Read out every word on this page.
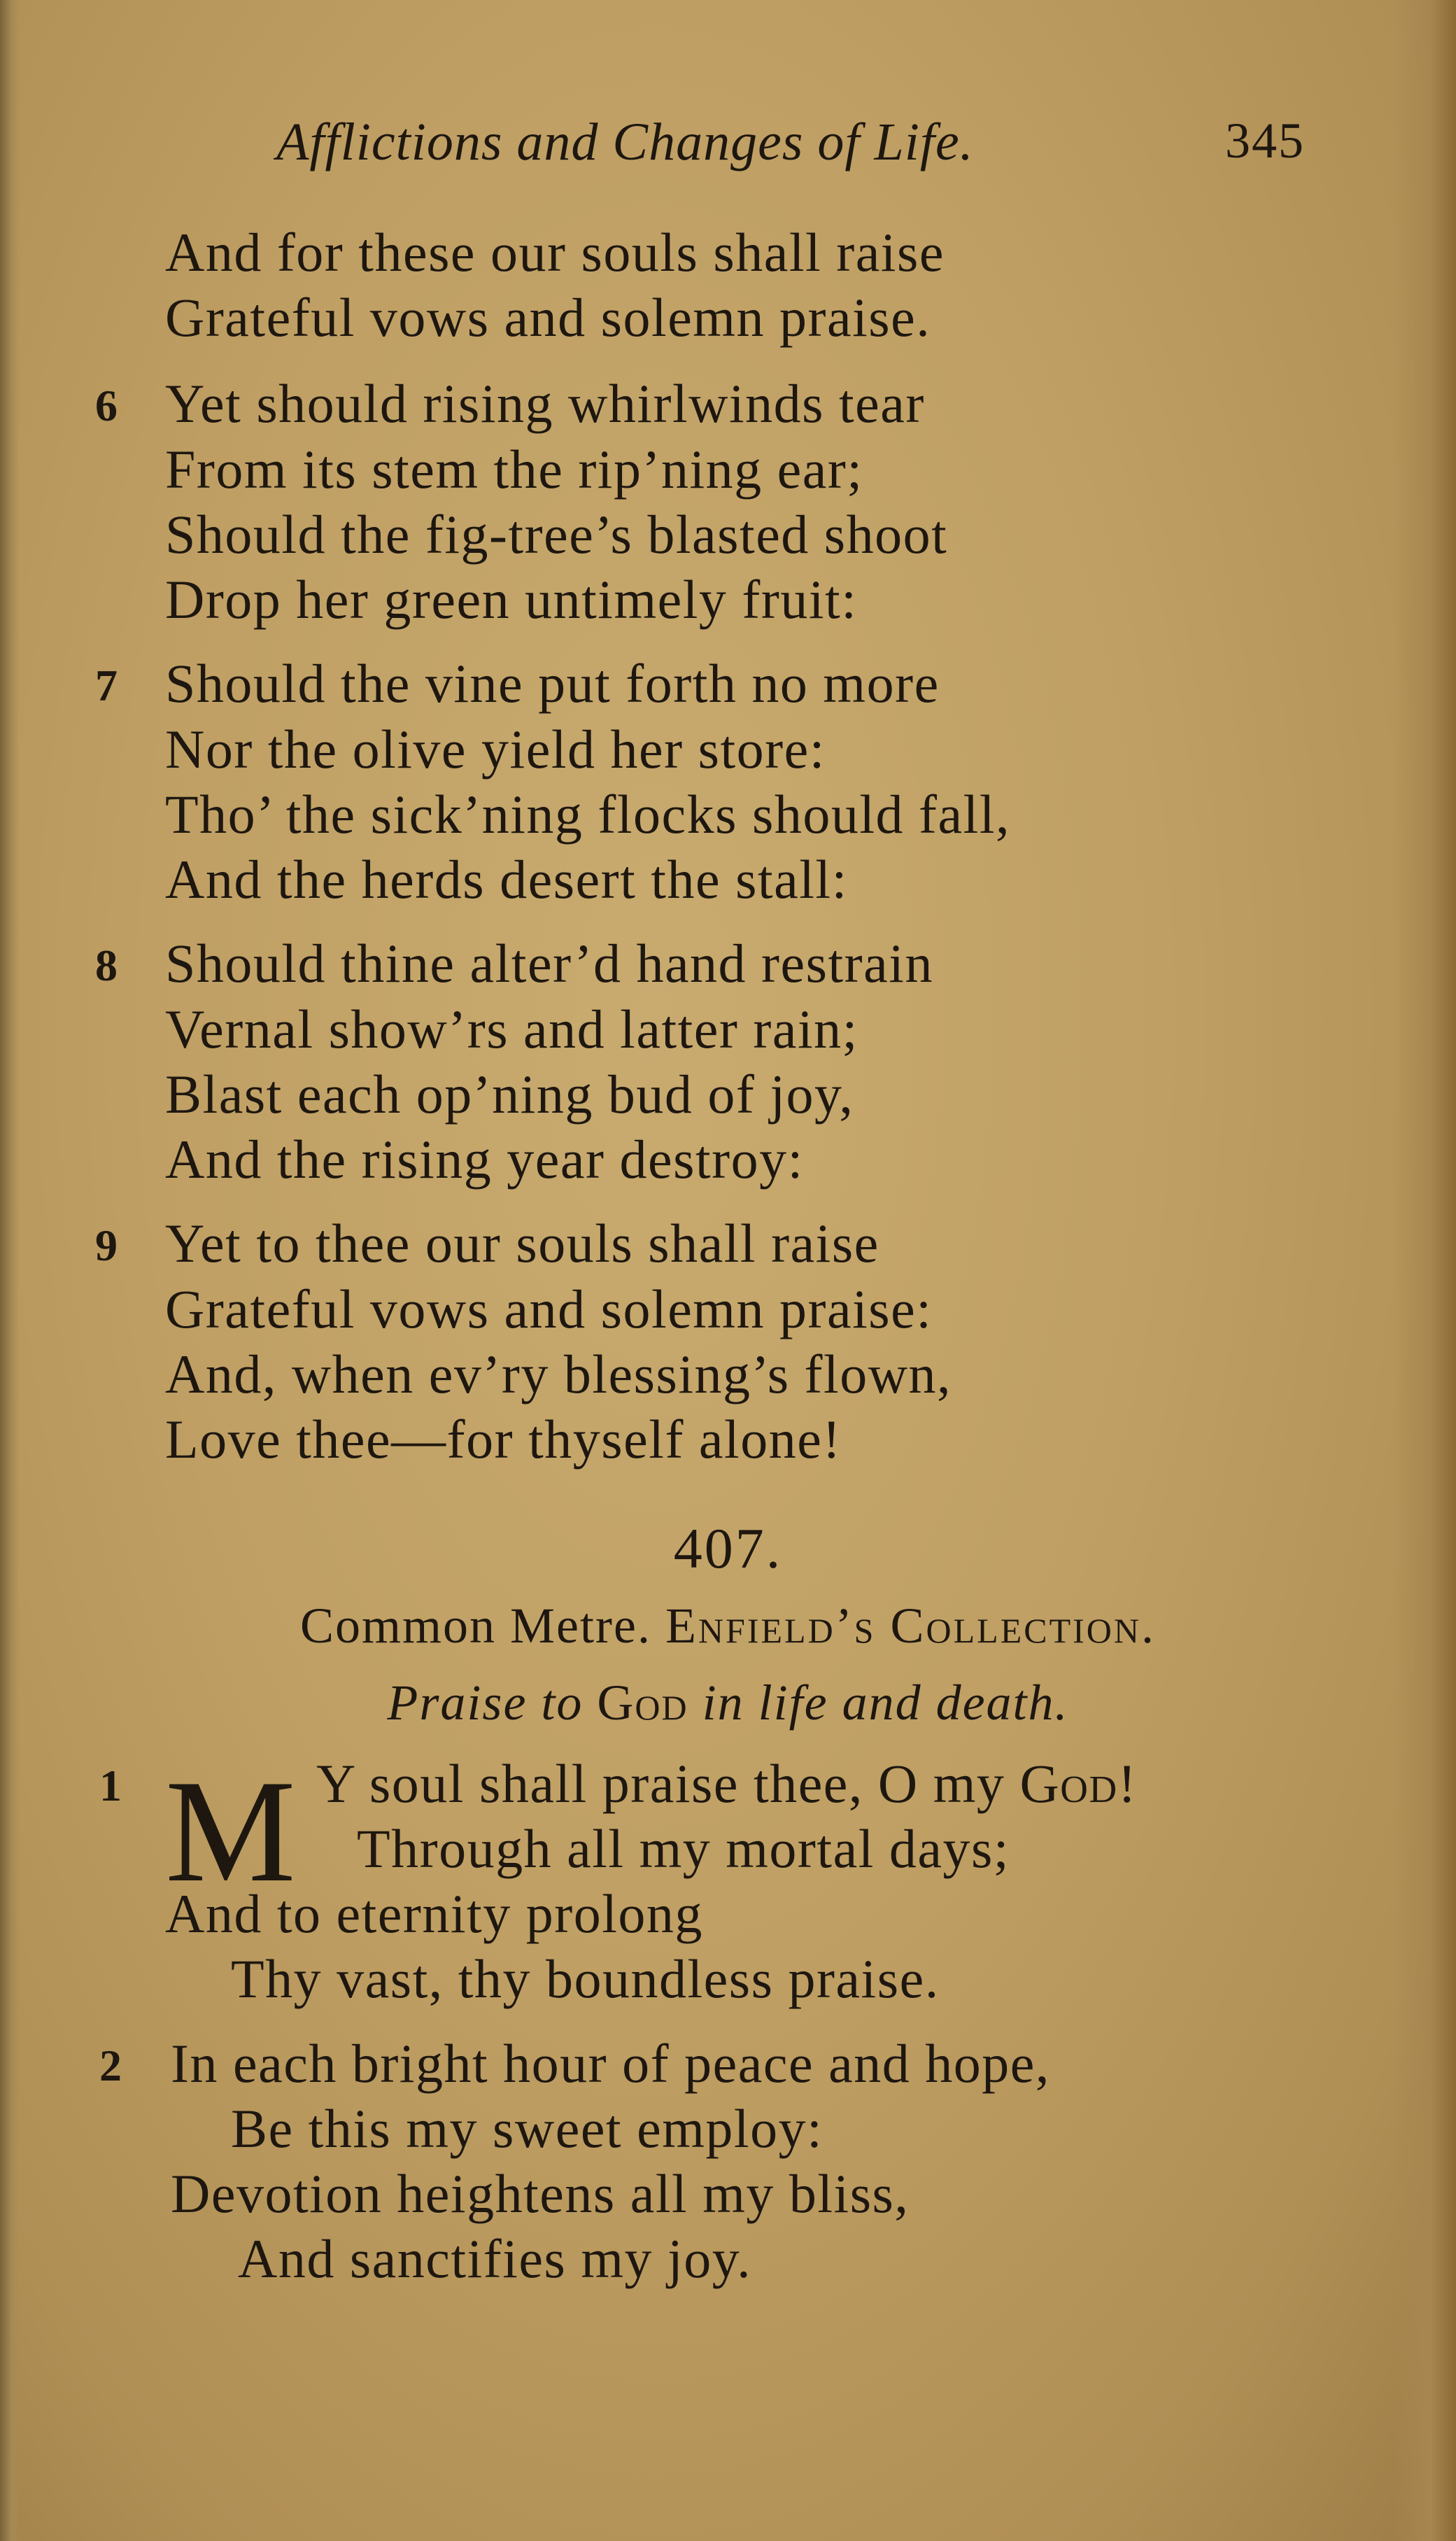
Afflictions and Changes of Life.	345
And for these our souls shall raise
Grateful vows and solemn praise.
6 Yet should rising whirlwinds tear
From its stem the rip’ning ear;
Should the fig-tree’s blasted shoot
Drop her green untimely fruit:
7 Should the vine put forth no more
Nor the olive yield her store:
Tho’ the sick’ning flocks should fall,
And the herds desert the stall:
8 Should thine alter’d hand restrain
Vernal show’rs and latter rain;
Blast each op’ning bud of joy,
And the rising year destroy:
9 Yet to thee our souls shall raise
Grateful vows and solemn praise:
And, when ev’ry blessing’s flown,
Love thee—for thyself alone!
407.
Common Metre. Enfield’s Collection.
Praise to God in life and death.
1 M Y soul shall praise thee, O my God!
Through all my mortal days;
And to eternity prolong
Thy vast, thy boundless praise.
2 In each bright hour of peace and hope,
Be this my sweet employ:
Devotion heightens all my bliss,
And sanctifies my joy.
